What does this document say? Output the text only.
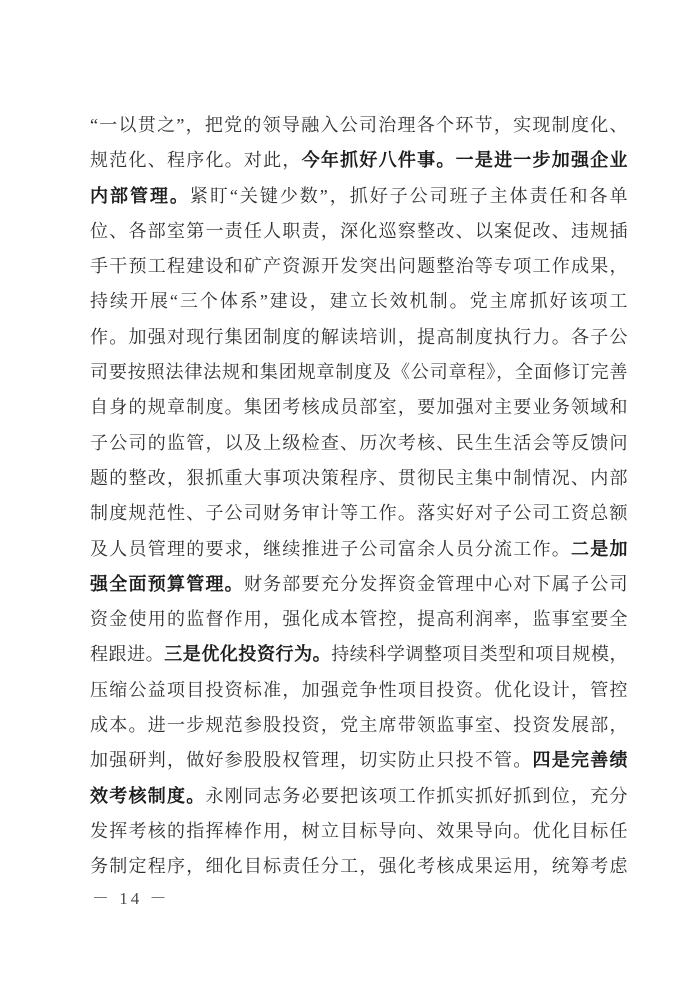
“一以贯之”，把党的领导融入公司治理各个环节，实现制度化、
规范化、程序化。对此，今年抓好八件事。一是进一步加强企业
内部管理。紧盯“关键少数”，抓好子公司班子主体责任和各单
位、各部室第一责任人职责，深化巡察整改、以案促改、违规插
手干预工程建设和矿产资源开发突出问题整治等专项工作成果，
持续开展“三个体系”建设，建立长效机制。党主席抓好该项工
作。加强对现行集团制度的解读培训，提高制度执行力。各子公
司要按照法律法规和集团规章制度及《公司章程》，全面修订完善
自身的规章制度。集团考核成员部室，要加强对主要业务领域和
子公司的监管，以及上级检查、历次考核、民生生活会等反馈问
题的整改，狠抓重大事项决策程序、贯彻民主集中制情况、内部
制度规范性、子公司财务审计等工作。落实好对子公司工资总额
及人员管理的要求，继续推进子公司富余人员分流工作。二是加
强全面预算管理。财务部要充分发挥资金管理中心对下属子公司
资金使用的监督作用，强化成本管控，提高利润率，监事室要全
程跟进。三是优化投资行为。持续科学调整项目类型和项目规模，
压缩公益项目投资标准，加强竞争性项目投资。优化设计，管控
成本。进一步规范参股投资，党主席带领监事室、投资发展部，
加强研判，做好参股股权管理，切实防止只投不管。四是完善绩
效考核制度。永刚同志务必要把该项工作抓实抓好抓到位，充分
发挥考核的指挥棒作用，树立目标导向、效果导向。优化目标任
务制定程序，细化目标责任分工，强化考核成果运用，统筹考虑
－ 14 －
